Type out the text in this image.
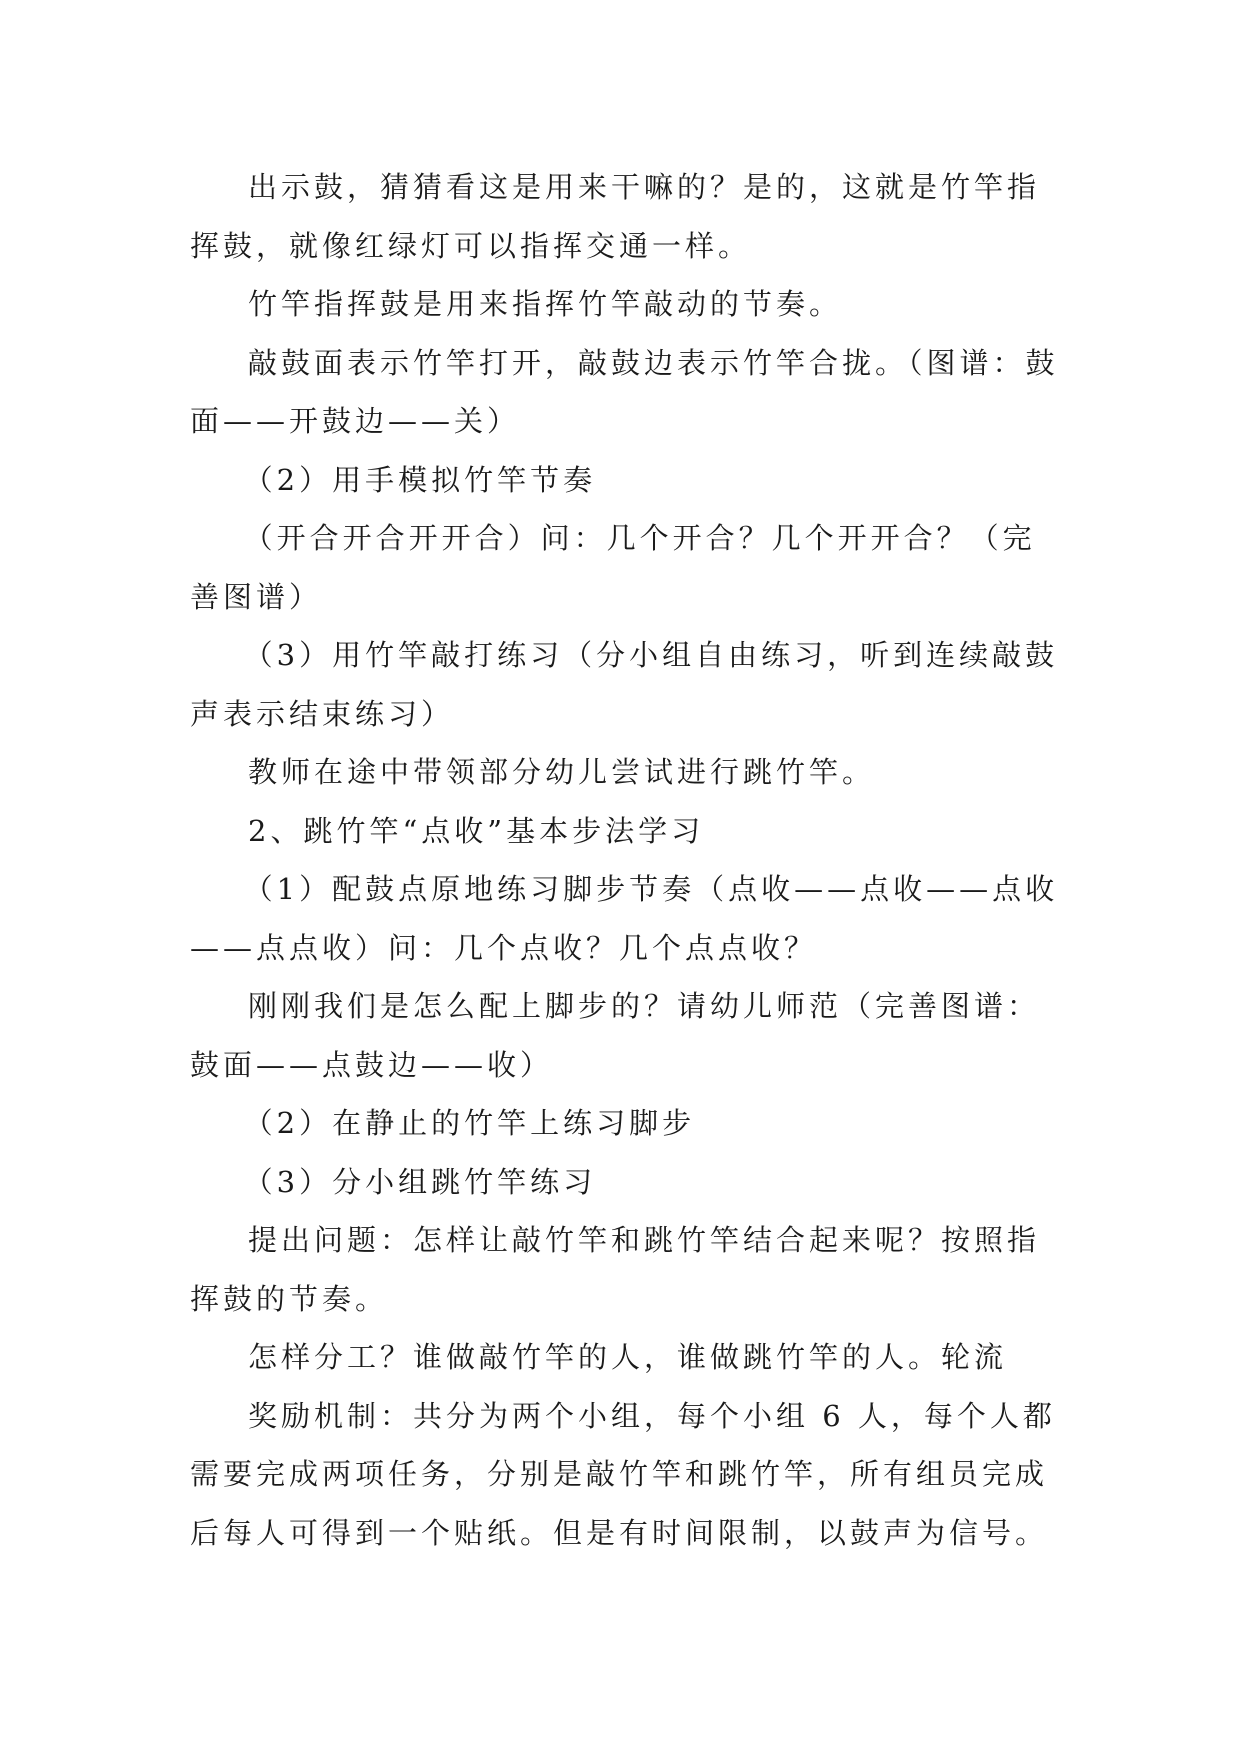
出示鼓，猜猜看这是用来干嘛的？是的，这就是竹竿指挥鼓，就像红绿灯可以指挥交通一样。

竹竿指挥鼓是用来指挥竹竿敲动的节奏。

敲鼓面表示竹竿打开，敲鼓边表示竹竿合拢。（图谱：鼓面——开鼓边——关）

（2）用手模拟竹竿节奏

（开合开合开开合）问：几个开合？几个开开合？（完善图谱）

（3）用竹竿敲打练习（分小组自由练习，听到连续敲鼓声表示结束练习）

教师在途中带领部分幼儿尝试进行跳竹竿。

2、跳竹竿“点收”基本步法学习

（1）配鼓点原地练习脚步节奏（点收——点收——点收——点点收）问：几个点收？几个点点收？

刚刚我们是怎么配上脚步的？请幼儿师范（完善图谱：鼓面——点鼓边——收）

（2）在静止的竹竿上练习脚步

（3）分小组跳竹竿练习

提出问题：怎样让敲竹竿和跳竹竿结合起来呢？按照指挥鼓的节奏。

怎样分工？谁做敲竹竿的人，谁做跳竹竿的人。轮流

奖励机制：共分为两个小组，每个小组 6 人，每个人都需要完成两项任务，分别是敲竹竿和跳竹竿，所有组员完成后每人可得到一个贴纸。但是有时间限制，以鼓声为信号。
